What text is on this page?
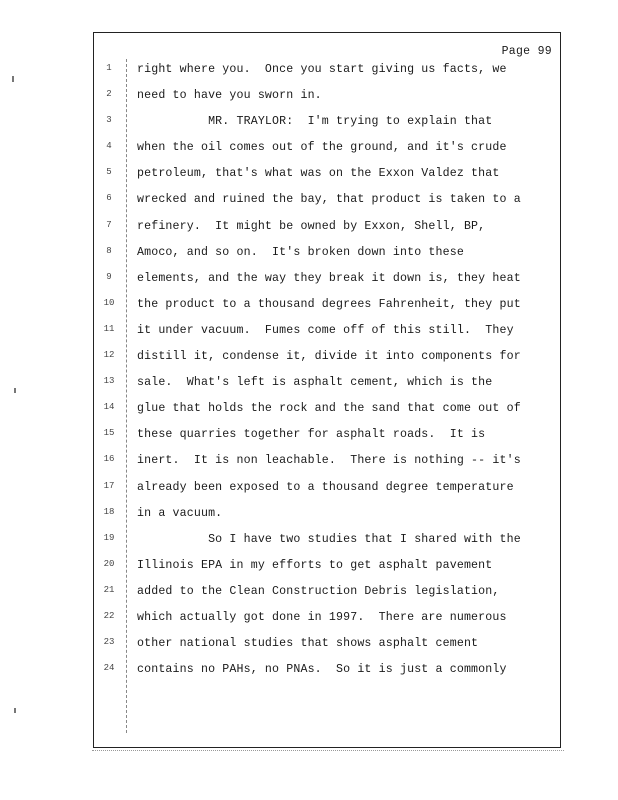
Page 99
1	right where you.  Once you start giving us facts, we
2	need to have you sworn in.
3	MR. TRAYLOR:  I'm trying to explain that
4	when the oil comes out of the ground, and it's crude
5	petroleum, that's what was on the Exxon Valdez that
6	wrecked and ruined the bay, that product is taken to a
7	refinery.  It might be owned by Exxon, Shell, BP,
8	Amoco, and so on.  It's broken down into these
9	elements, and the way they break it down is, they heat
10	the product to a thousand degrees Fahrenheit, they put
11	it under vacuum.  Fumes come off of this still.  They
12	distill it, condense it, divide it into components for
13	sale.  What's left is asphalt cement, which is the
14	glue that holds the rock and the sand that come out of
15	these quarries together for asphalt roads.  It is
16	inert.  It is non leachable.  There is nothing -- it's
17	already been exposed to a thousand degree temperature
18	in a vacuum.
19	So I have two studies that I shared with the
20	Illinois EPA in my efforts to get asphalt pavement
21	added to the Clean Construction Debris legislation,
22	which actually got done in 1997.  There are numerous
23	other national studies that shows asphalt cement
24	contains no PAHs, no PNAs.  So it is just a commonly
